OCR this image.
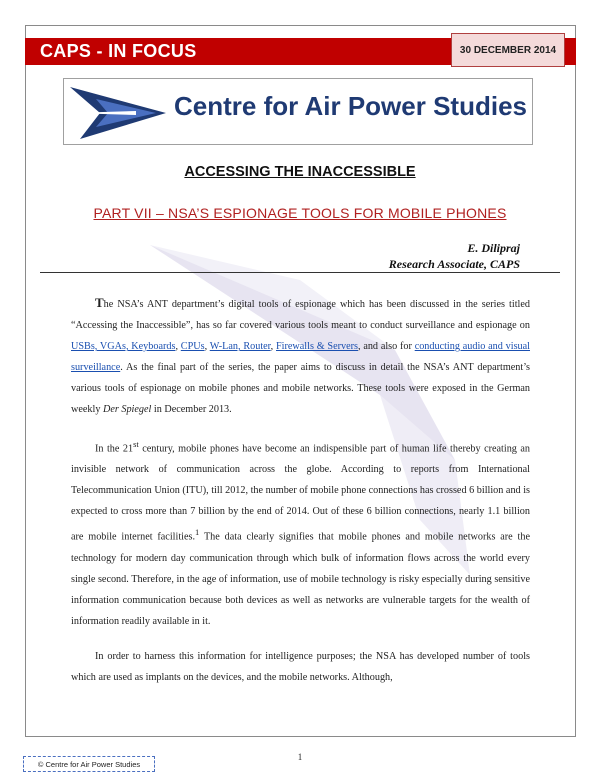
CAPS - IN FOCUS	30 DECEMBER 2014
Centre for Air Power Studies
ACCESSING THE INACCESSIBLE
PART VII – NSA’S ESPIONAGE TOOLS FOR MOBILE PHONES
E. Dilipraj
Research Associate, CAPS

The NSA’s ANT department’s digital tools of espionage which has been discussed in the series titled “Accessing the Inaccessible”, has so far covered various tools meant to conduct surveillance and espionage on USBs, VGAs, Keyboards, CPUs, W-Lan, Router, Firewalls & Servers, and also for conducting audio and visual surveillance. As the final part of the series, the paper aims to discuss in detail the NSA’s ANT department’s various tools of espionage on mobile phones and mobile networks. These tools were exposed in the German weekly Der Spiegel in December 2013.

In the 21st century, mobile phones have become an indispensible part of human life thereby creating an invisible network of communication across the globe. According to reports from International Telecommunication Union (ITU), till 2012, the number of mobile phone connections has crossed 6 billion and is expected to cross more than 7 billion by the end of 2014. Out of these 6 billion connections, nearly 1.1 billion are mobile internet facilities.$^1$ The data clearly signifies that mobile phones and mobile networks are the technology for modern day communication through which bulk of information flows across the world every single second. Therefore, in the age of information, use of mobile technology is risky especially during sensitive information communication because both devices as well as networks are vulnerable targets for the wealth of information readily available in it.

In order to harness this information for intelligence purposes; the NSA has developed number of tools which are used as implants on the devices, and the mobile networks. Although,

1
© Centre for Air Power Studies
